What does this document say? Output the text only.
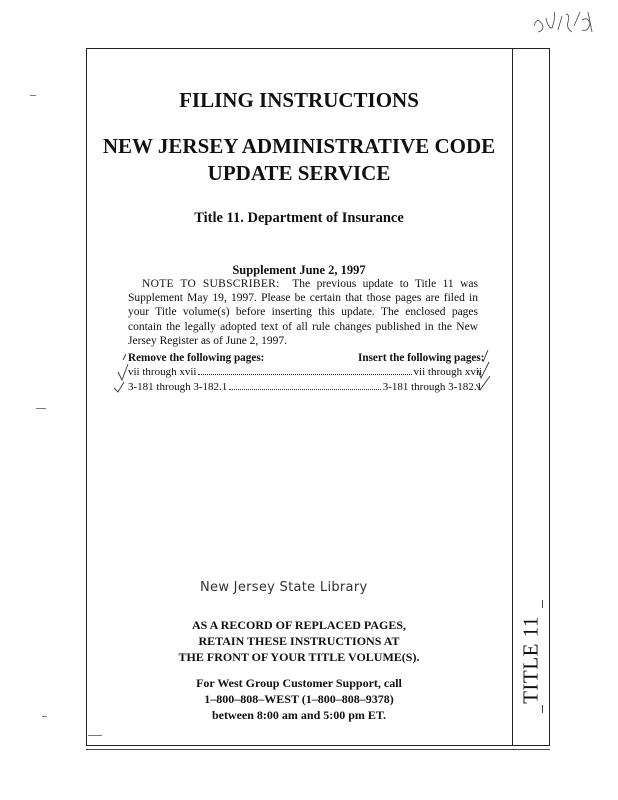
TITLE 11
FILING INSTRUCTIONS
NEW JERSEY ADMINISTRATIVE CODE
UPDATE SERVICE
Title 11. Department of Insurance
Supplement June 2, 1997
NOTE TO SUBSCRIBER: The previous update to Title 11 was Supplement May 19, 1997. Please be certain that those pages are filed in your Title volume(s) before inserting this update. The enclosed pages contain the legally adopted text of all rule changes published in the New Jersey Register as of June 2, 1997.
Remove the following pages:	Insert the following pages:
vii through xvii	vii through xvii
3-181 through 3-182.1	3-181 through 3-182.1
New Jersey State Library
AS A RECORD OF REPLACED PAGES,
RETAIN THESE INSTRUCTIONS AT
THE FRONT OF YOUR TITLE VOLUME(S).
For West Group Customer Support, call
1–800–808–WEST (1–800–808–9378)
between 8:00 am and 5:00 pm ET.
